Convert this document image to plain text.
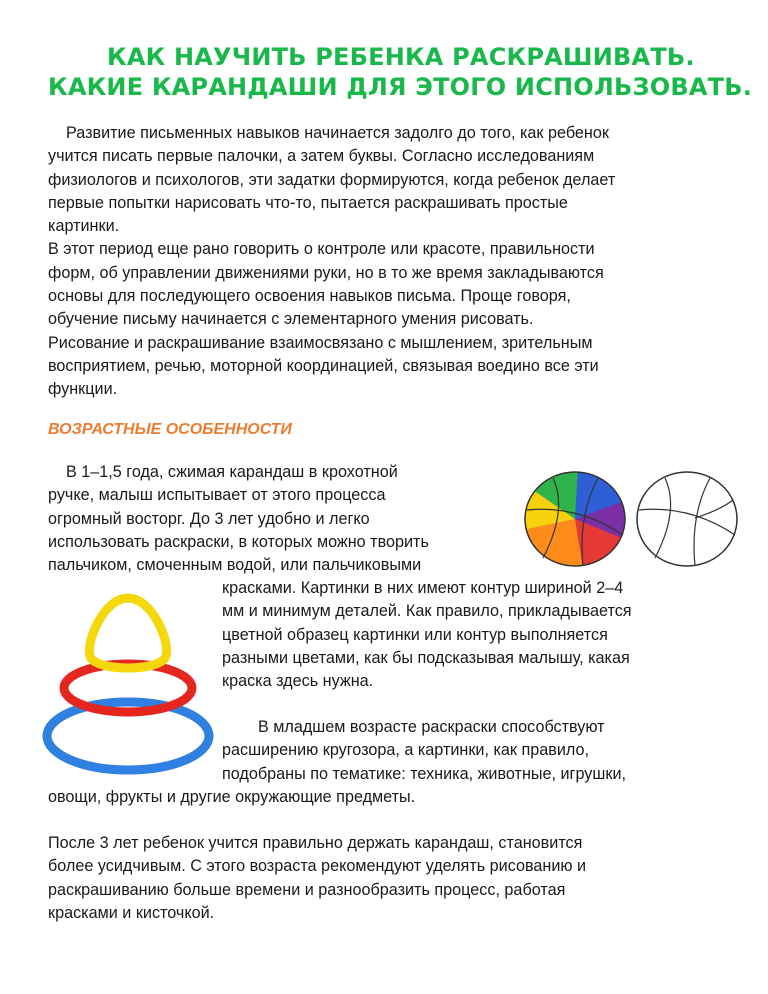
КАК НАУЧИТЬ РЕБЕНКА РАСКРАШИВАТЬ.
КАКИЕ КАРАНДАШИ ДЛЯ ЭТОГО ИСПОЛЬЗОВАТЬ.
Развитие письменных навыков начинается задолго до того, как ребенок
учится писать первые палочки, а затем буквы. Согласно исследованиям
физиологов и психологов, эти задатки формируются, когда ребенок делает
первые попытки нарисовать что-то, пытается раскрашивать простые
картинки.
В этот период еще рано говорить о контроле или красоте, правильности
форм, об управлении движениями руки, но в то же время закладываются
основы для последующего освоения навыков письма. Проще говоря,
обучение письму начинается с элементарного умения рисовать.
Рисование и раскрашивание взаимосвязано с мышлением, зрительным
восприятием, речью, моторной координацией, связывая воедино все эти
функции.
ВОЗРАСТНЫЕ ОСОБЕННОСТИ
В 1–1,5 года, сжимая карандаш в крохотной
ручке, малыш испытывает от этого процесса
огромный восторг. До 3 лет удобно и легко
использовать раскраски, в которых можно творить
пальчиком, смоченным водой, или пальчиковыми
красками. Картинки в них имеют контур шириной 2–4
мм и минимум деталей. Как правило, прикладывается
цветной образец картинки или контур выполняется
разными цветами, как бы подсказывая малышу, какая
краска здесь нужна.
В младшем возрасте раскраски способствуют
расширению кругозора, а картинки, как правило,
подобраны по тематике: техника, животные, игрушки,
овощи, фрукты и другие окружающие предметы.
После 3 лет ребенок учится правильно держать карандаш, становится
более усидчивым. С этого возраста рекомендуют уделять рисованию и
раскрашиванию больше времени и разнообразить процесс, работая
красками и кисточкой.
